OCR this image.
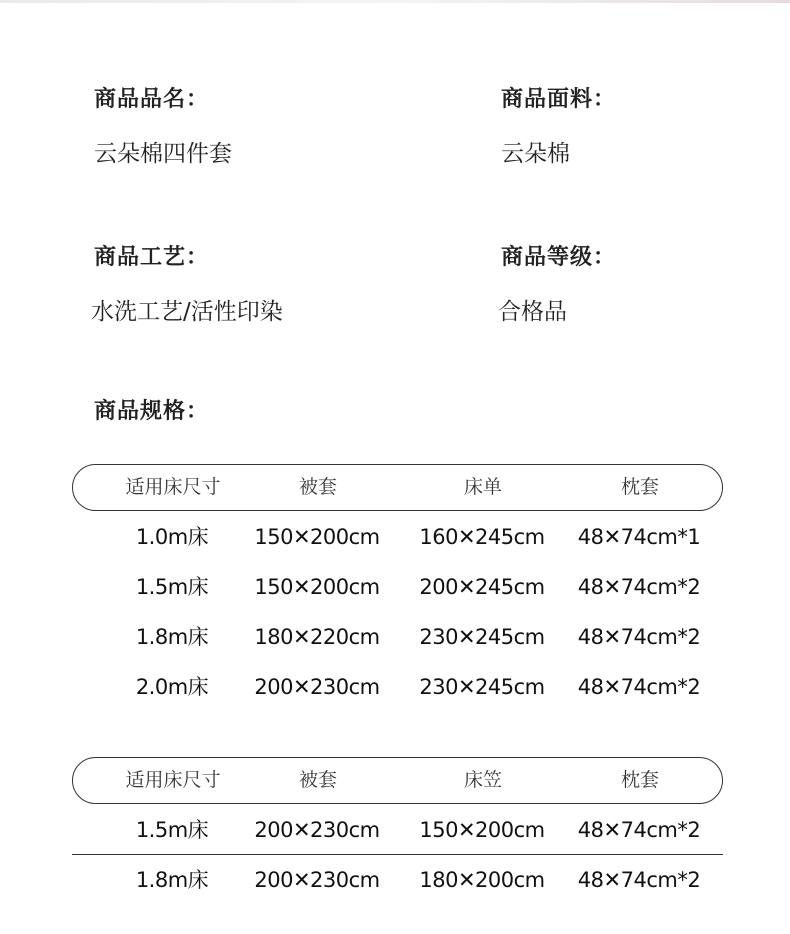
商品品名：
云朵棉四件套
商品面料：
云朵棉
商品工艺：
水洗工艺/活性印染
商品等级：
合格品
商品规格：
适用床尺寸	被套	床单	枕套
1.0m床	150✕200cm	160✕245cm	48✕74cm*1
1.5m床	150✕200cm	200✕245cm	48✕74cm*2
1.8m床	180✕220cm	230✕245cm	48✕74cm*2
2.0m床	200✕230cm	230✕245cm	48✕74cm*2
适用床尺寸	被套	床笠	枕套
1.5m床	200✕230cm	150✕200cm	48✕74cm*2
1.8m床	200✕230cm	180✕200cm	48✕74cm*2
